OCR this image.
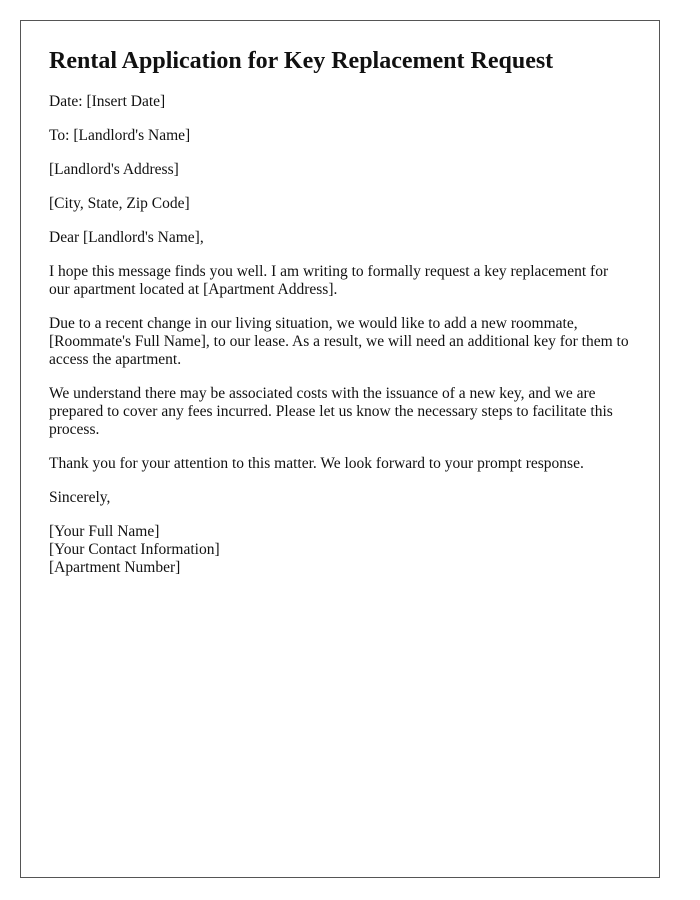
Rental Application for Key Replacement Request

Date: [Insert Date]

To: [Landlord's Name]

[Landlord's Address]

[City, State, Zip Code]

Dear [Landlord's Name],

I hope this message finds you well. I am writing to formally request a key replacement for our apartment located at [Apartment Address].

Due to a recent change in our living situation, we would like to add a new roommate, [Roommate's Full Name], to our lease. As a result, we will need an additional key for them to access the apartment.

We understand there may be associated costs with the issuance of a new key, and we are prepared to cover any fees incurred. Please let us know the necessary steps to facilitate this process.

Thank you for your attention to this matter. We look forward to your prompt response.

Sincerely,

[Your Full Name]
[Your Contact Information]
[Apartment Number]
